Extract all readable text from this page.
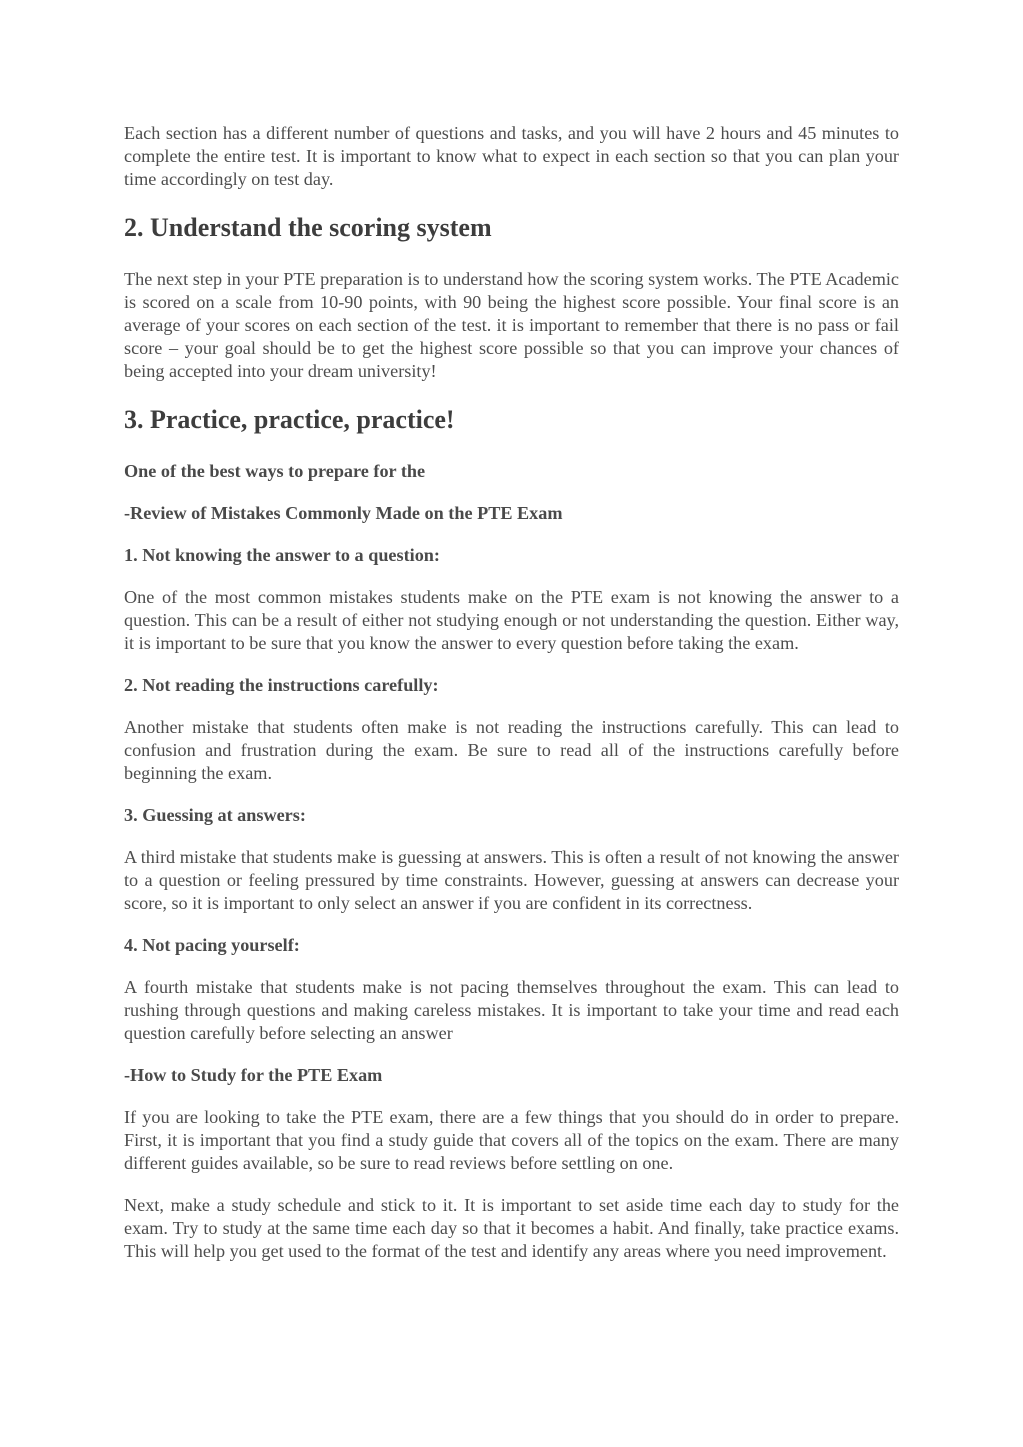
Each section has a different number of questions and tasks, and you will have 2 hours and 45 minutes to complete the entire test. It is important to know what to expect in each section so that you can plan your time accordingly on test day.

2. Understand the scoring system

The next step in your PTE preparation is to understand how the scoring system works. The PTE Academic is scored on a scale from 10-90 points, with 90 being the highest score possible. Your final score is an average of your scores on each section of the test. it is important to remember that there is no pass or fail score – your goal should be to get the highest score possible so that you can improve your chances of being accepted into your dream university!

3. Practice, practice, practice!

One of the best ways to prepare for the

-Review of Mistakes Commonly Made on the PTE Exam

1. Not knowing the answer to a question:

One of the most common mistakes students make on the PTE exam is not knowing the answer to a question. This can be a result of either not studying enough or not understanding the question. Either way, it is important to be sure that you know the answer to every question before taking the exam.

2. Not reading the instructions carefully:

Another mistake that students often make is not reading the instructions carefully. This can lead to confusion and frustration during the exam. Be sure to read all of the instructions carefully before beginning the exam.

3. Guessing at answers:

A third mistake that students make is guessing at answers. This is often a result of not knowing the answer to a question or feeling pressured by time constraints. However, guessing at answers can decrease your score, so it is important to only select an answer if you are confident in its correctness.

4. Not pacing yourself:

A fourth mistake that students make is not pacing themselves throughout the exam. This can lead to rushing through questions and making careless mistakes. It is important to take your time and read each question carefully before selecting an answer

-How to Study for the PTE Exam

If you are looking to take the PTE exam, there are a few things that you should do in order to prepare. First, it is important that you find a study guide that covers all of the topics on the exam. There are many different guides available, so be sure to read reviews before settling on one.

Next, make a study schedule and stick to it. It is important to set aside time each day to study for the exam. Try to study at the same time each day so that it becomes a habit. And finally, take practice exams. This will help you get used to the format of the test and identify any areas where you need improvement.
